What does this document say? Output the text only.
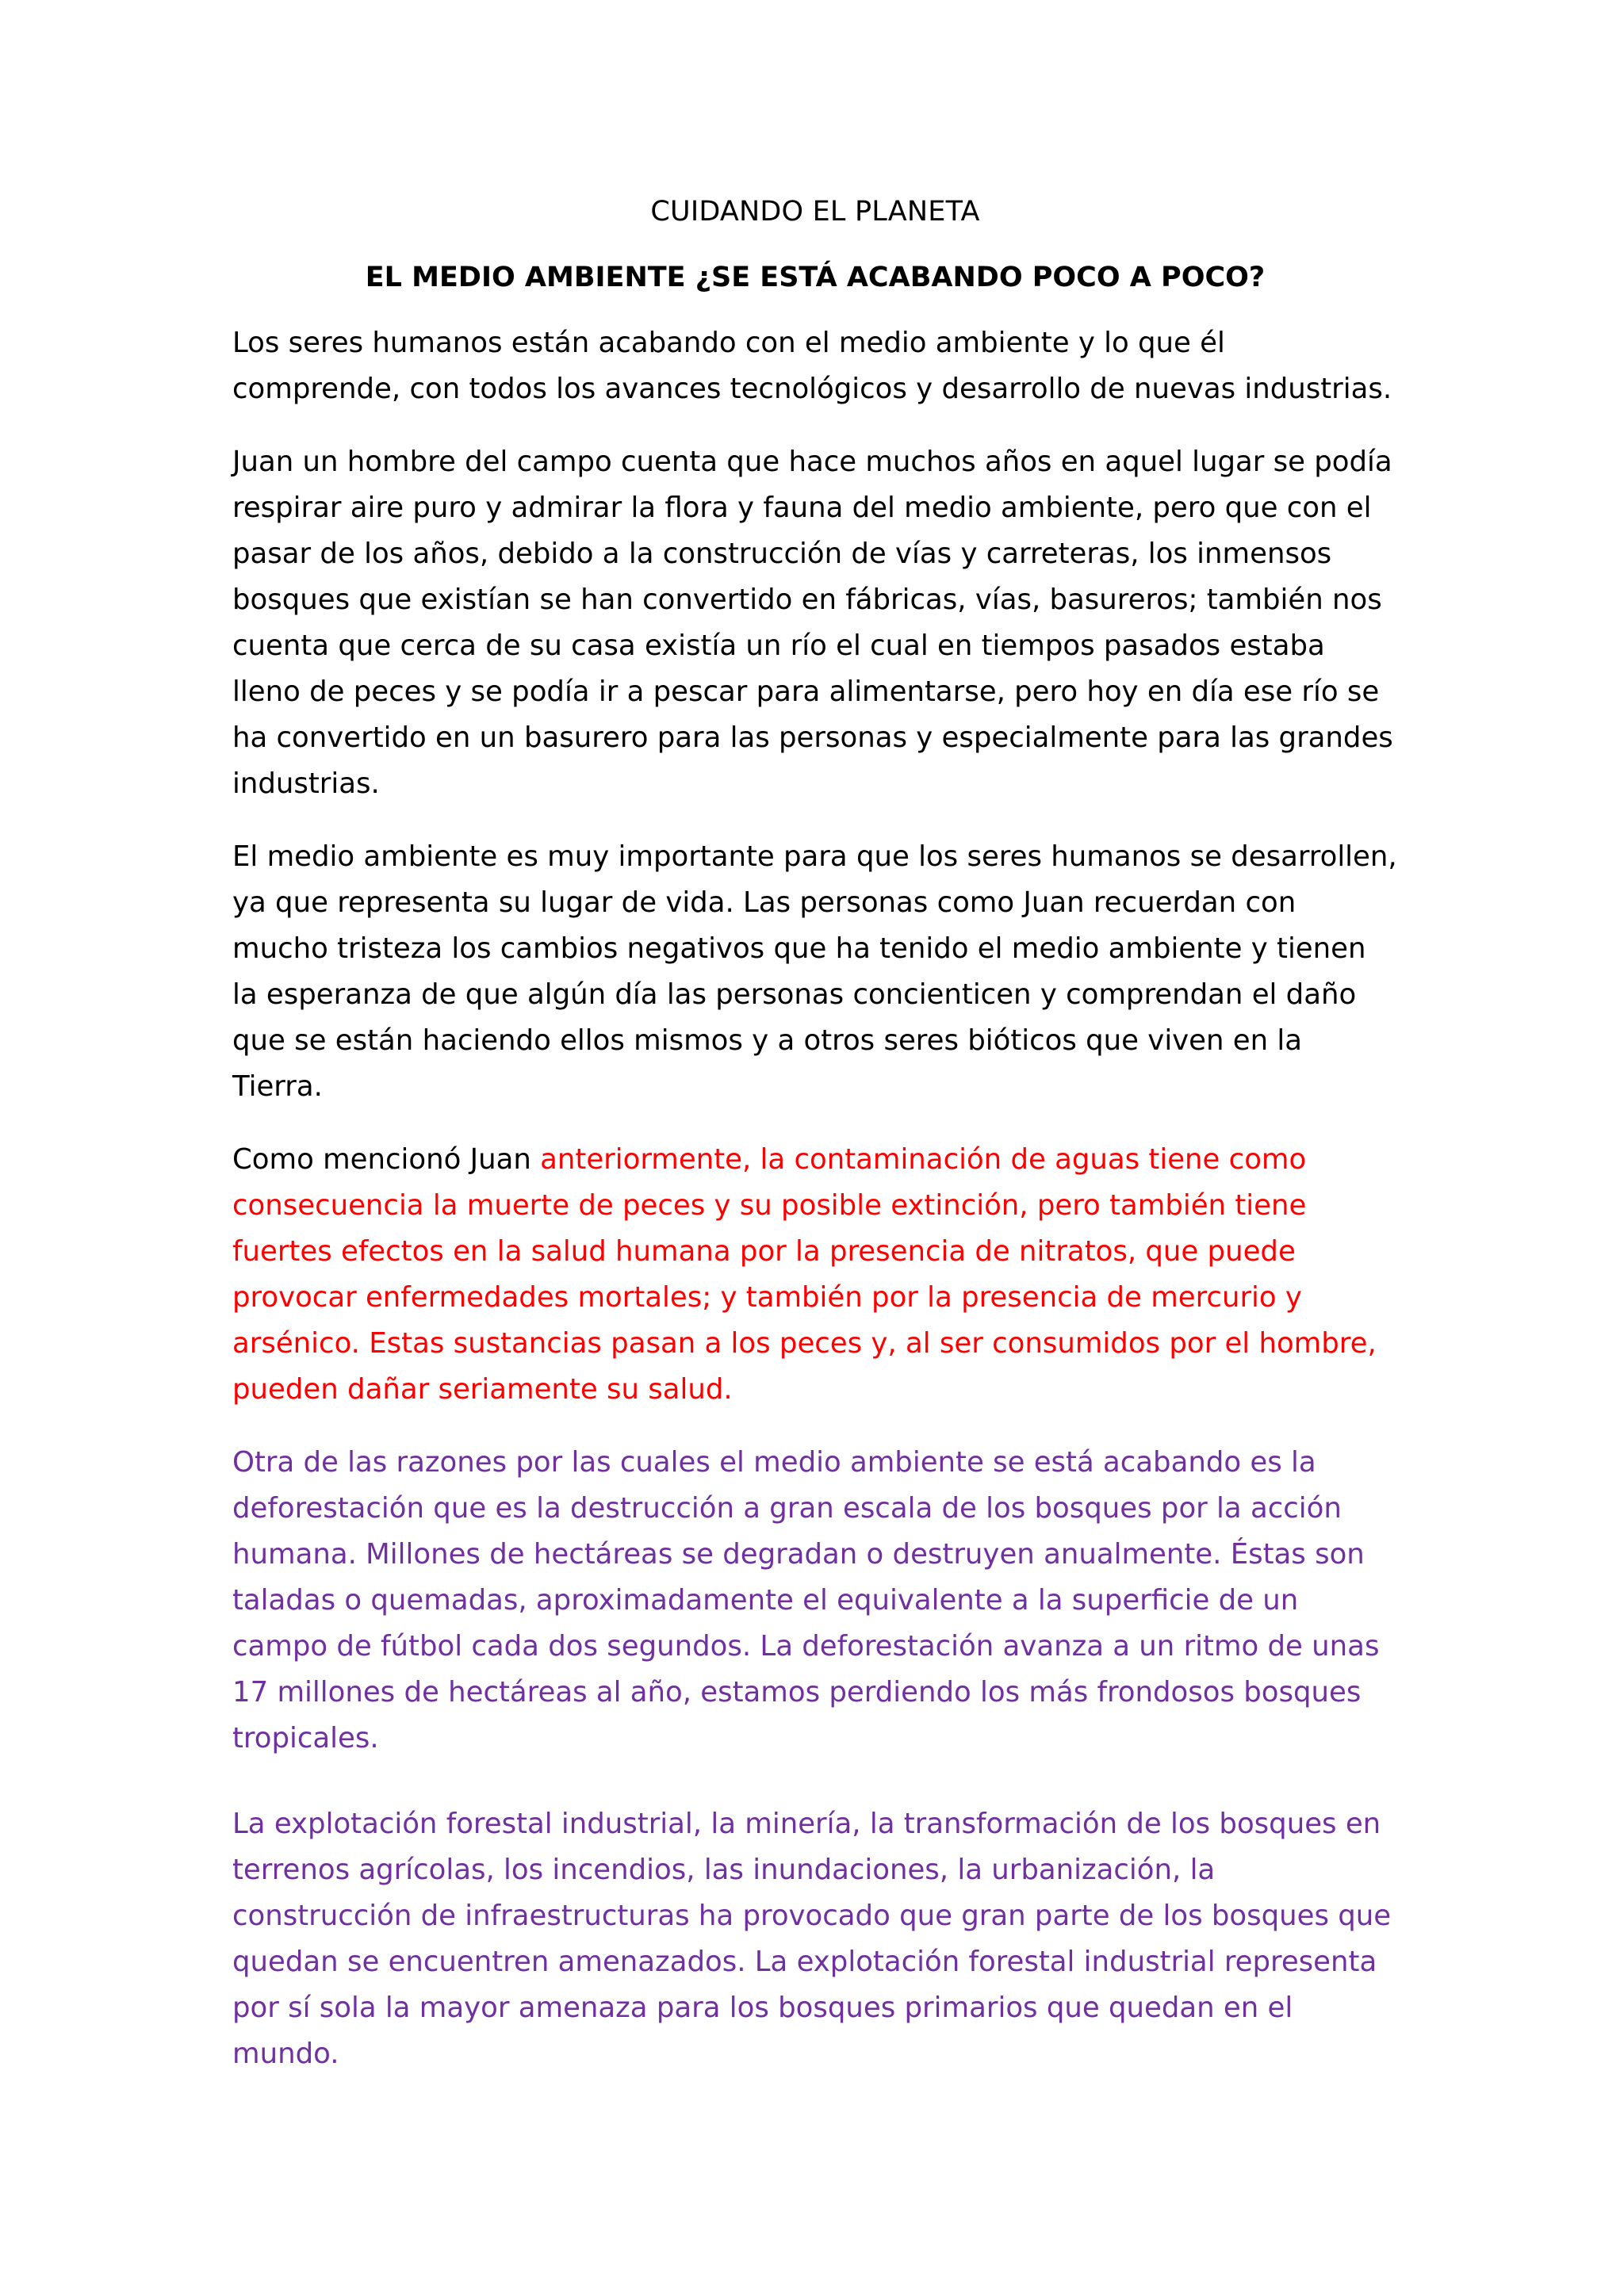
CUIDANDO EL PLANETA

EL MEDIO AMBIENTE ¿SE ESTÁ ACABANDO POCO A POCO?

Los seres humanos están acabando con el medio ambiente y lo que él comprende, con todos los avances tecnológicos y desarrollo de nuevas industrias.

Juan un hombre del campo cuenta que hace muchos años en aquel lugar se podía respirar aire puro y admirar la flora y fauna del medio ambiente, pero que con el pasar de los años, debido a la construcción de vías y carreteras, los inmensos bosques que existían se han convertido en fábricas, vías, basureros; también nos cuenta que cerca de su casa existía un río el cual en tiempos pasados estaba lleno de peces y se podía ir a pescar para alimentarse, pero hoy en día ese río se ha convertido en un basurero para las personas y especialmente para las grandes industrias.

El medio ambiente es muy importante para que los seres humanos se desarrollen, ya que representa su lugar de vida. Las personas como Juan recuerdan con mucho tristeza los cambios negativos que ha tenido el medio ambiente y tienen la esperanza de que algún día las personas concienticen y comprendan el daño que se están haciendo ellos mismos y a otros seres bióticos que viven en la Tierra.

Como mencionó Juan anteriormente, la contaminación de aguas tiene como consecuencia la muerte de peces y su posible extinción, pero también tiene fuertes efectos en la salud humana por la presencia de nitratos, que puede provocar enfermedades mortales; y también por la presencia de mercurio y arsénico. Estas sustancias pasan a los peces y, al ser consumidos por el hombre, pueden dañar seriamente su salud.

Otra de las razones por las cuales el medio ambiente se está acabando es la deforestación que es la destrucción a gran escala de los bosques por la acción humana. Millones de hectáreas se degradan o destruyen anualmente. Éstas son taladas o quemadas, aproximadamente el equivalente a la superficie de un campo de fútbol cada dos segundos. La deforestación avanza a un ritmo de unas 17 millones de hectáreas al año, estamos perdiendo los más frondosos bosques tropicales.

La explotación forestal industrial, la minería, la transformación de los bosques en terrenos agrícolas, los incendios, las inundaciones, la urbanización, la construcción de infraestructuras ha provocado que gran parte de los bosques que quedan se encuentren amenazados. La explotación forestal industrial representa por sí sola la mayor amenaza para los bosques primarios que quedan en el mundo.
